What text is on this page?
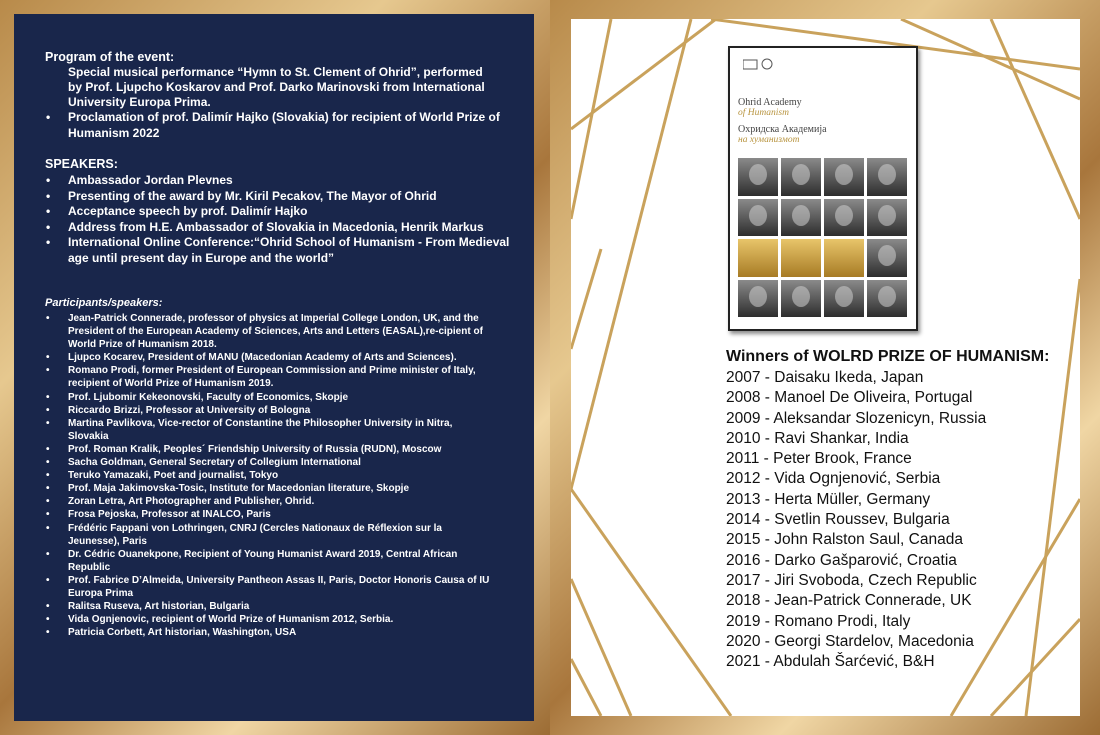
Program of the event:
Special musical performance “Hymn to St. Clement of Ohrid”, performed
by Prof. Ljupcho Koskarov and Prof. Darko Marinovski from International
University Europa Prima.
• Proclamation of prof. Dalimír Hajko (Slovakia) for recipient of World Prize of Humanism 2022
SPEAKERS:
• Ambassador Jordan Plevnes
• Presenting of the award by Mr. Kiril Pecakov, The Mayor of Ohrid
• Acceptance speech by prof. Dalimír Hajko
• Address from H.E. Ambassador of Slovakia in Macedonia, Henrik Markus
• International Online Conference:“Ohrid School of Humanism - From Medieval age until present day in Europe and the world”
Participants/speakers:
• Jean-Patrick Connerade, professor of physics at Imperial College London, UK, and the President of the European Academy of Sciences, Arts and Letters (EASAL),re-cipient of World Prize of Humanism 2018.
• Ljupco Kocarev, President of MANU (Macedonian Academy of Arts and Sciences).
• Romano Prodi, former President of European Commission and Prime minister of Italy, recipient of World Prize of Humanism 2019.
• Prof. Ljubomir Kekeonovski, Faculty of Economics, Skopje
• Riccardo Brizzi, Professor at University of Bologna
• Martina Pavlikova, Vice-rector of Constantine the Philosopher University in Nitra, Slovakia
• Prof. Roman Kralik, Peoples´ Friendship University of Russia (RUDN), Moscow
• Sacha Goldman, General Secretary of Collegium International
• Teruko Yamazaki, Poet and journalist, Tokyo
• Prof. Maja Jakimovska-Tosic, Institute for Macedonian literature, Skopje
• Zoran Letra, Art Photographer and Publisher, Ohrid.
• Frosa Pejoska, Professor at INALCO, Paris
• Frédéric Fappani von Lothringen, CNRJ (Cercles Nationaux de Réflexion sur la Jeunesse), Paris
• Dr. Cédric Ouanekpone, Recipient of Young Humanist Award 2019, Central African Republic
• Prof. Fabrice D’Almeida, University Pantheon Assas II, Paris, Doctor Honoris Causa of IU Europa Prima
• Ralitsa Ruseva, Art historian, Bulgaria
• Vida Ognjenovic, recipient of World Prize of Humanism 2012, Serbia.
• Patricia Corbett, Art historian, Washington, USA
Ohrid Academy
of Humanism
Охридска Академија
на хуманизмот
Winners of WOLRD PRIZE OF HUMANISM:
2007 - Daisaku Ikeda, Japan
2008 - Manoel De Oliveira, Portugal
2009 - Aleksandar Slozenicyn, Russia
2010 - Ravi Shankar, India
2011 - Peter Brook, France
2012 - Vida Ognjenović, Serbia
2013 - Herta Müller, Germany
2014 - Svetlin Roussev, Bulgaria
2015 - John Ralston Saul, Canada
2016 - Darko Gašparović, Croatia
2017 - Jiri Svoboda, Czech Republic
2018 - Jean-Patrick Connerade, UK
2019 - Romano Prodi, Italy
2020 - Georgi Stardelov, Macedonia
2021 - Abdulah Šarćević, B&H
